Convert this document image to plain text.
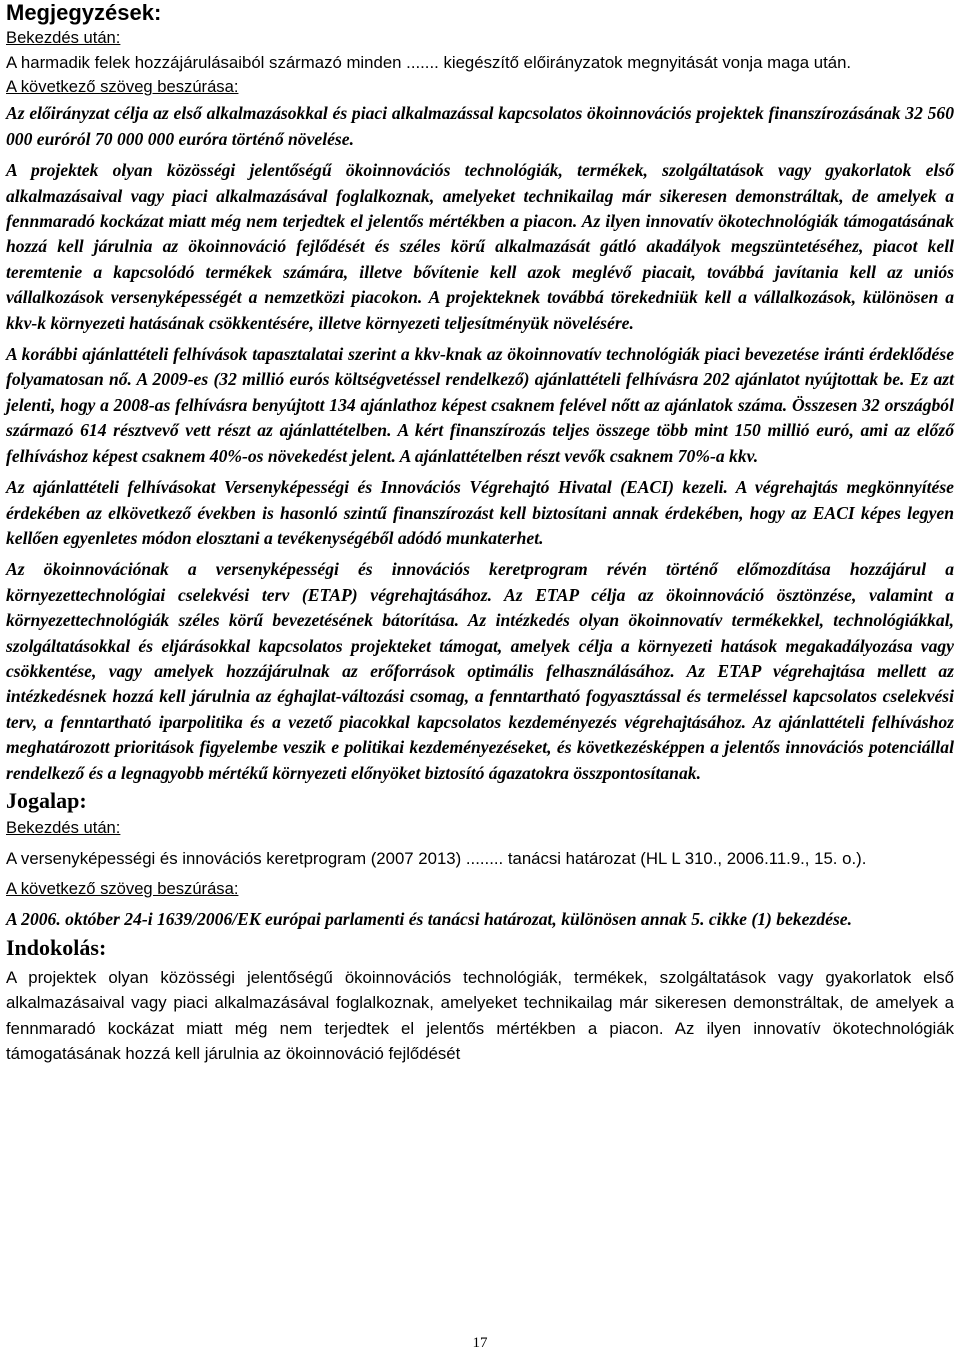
Megjegyzések:
Bekezdés után:

A harmadik felek hozzájárulásaiból származó minden ....... kiegészítő előirányzatok megnyitását vonja maga után.

A következő szöveg beszúrása:

Az előirányzat célja az első alkalmazásokkal és piaci alkalmazással kapcsolatos ökoinnovációs projektek finanszírozásának 32 560 000 euróról 70 000 000 euróra történő növelése.

A projektek olyan közösségi jelentőségű ökoinnovációs technológiák, termékek, szolgáltatások vagy gyakorlatok első alkalmazásaival vagy piaci alkalmazásával foglalkoznak, amelyeket technikailag már sikeresen demonstráltak, de amelyek a fennmaradó kockázat miatt még nem terjedtek el jelentős mértékben a piacon. Az ilyen innovatív ökotechnológiák támogatásának hozzá kell járulnia az ökoinnováció fejlődését és széles körű alkalmazását gátló akadályok megszüntetéséhez, piacot kell teremtenie a kapcsolódó termékek számára, illetve bővítenie kell azok meglévő piacait, továbbá javítania kell az uniós vállalkozások versenyképességét a nemzetközi piacokon. A projekteknek továbbá törekedniük kell a vállalkozások, különösen a kkv-k környezeti hatásának csökkentésére, illetve környezeti teljesítményük növelésére.

A korábbi ajánlattételi felhívások tapasztalatai szerint a kkv-knak az ökoinnovatív technológiák piaci bevezetése iránti érdeklődése folyamatosan nő. A 2009-es (32 millió eurós költségvetéssel rendelkező) ajánlattételi felhívásra 202 ajánlatot nyújtottak be. Ez azt jelenti, hogy a 2008-as felhívásra benyújtott 134 ajánlathoz képest csaknem felével nőtt az ajánlatok száma. Összesen 32 országból származó 614 résztvevő vett részt az ajánlattételben. A kért finanszírozás teljes összege több mint 150 millió euró, ami az előző felhíváshoz képest csaknem 40%-os növekedést jelent. A ajánlattételben részt vevők csaknem 70%-a kkv.

Az ajánlattételi felhívásokat Versenyképességi és Innovációs Végrehajtó Hivatal (EACI) kezeli. A végrehajtás megkönnyítése érdekében az elkövetkező években is hasonló szintű finanszírozást kell biztosítani annak érdekében, hogy az EACI képes legyen kellően egyenletes módon elosztani a tevékenységéből adódó munkaterhet.

Az ökoinnovációnak a versenyképességi és innovációs keretprogram révén történő előmozdítása hozzájárul a környezettechnológiai cselekvési terv (ETAP) végrehajtásához. Az ETAP célja az ökoinnováció ösztönzése, valamint a környezettechnológiák széles körű bevezetésének bátorítása. Az intézkedés olyan ökoinnovatív termékekkel, technológiákkal, szolgáltatásokkal és eljárásokkal kapcsolatos projekteket támogat, amelyek célja a környezeti hatások megakadályozása vagy csökkentése, vagy amelyek hozzájárulnak az erőforrások optimális felhasználásához. Az ETAP végrehajtása mellett az intézkedésnek hozzá kell járulnia az éghajlat-változási csomag, a fenntartható fogyasztással és termeléssel kapcsolatos cselekvési terv, a fenntartható iparpolitika és a vezető piacokkal kapcsolatos kezdeményezés végrehajtásához. Az ajánlattételi felhíváshoz meghatározott prioritások figyelembe veszik e politikai kezdeményezéseket, és következésképpen a jelentős innovációs potenciállal rendelkező és a legnagyobb mértékű környezeti előnyöket biztosító ágazatokra összpontosítanak.

Jogalap:
Bekezdés után:

A versenyképességi és innovációs keretprogram (2007 2013) ........ tanácsi határozat (HL L 310., 2006.11.9., 15. o.).

A következő szöveg beszúrása:

A 2006. október 24-i 1639/2006/EK európai parlamenti és tanácsi határozat, különösen annak 5. cikke (1) bekezdése.

Indokolás:

A projektek olyan közösségi jelentőségű ökoinnovációs technológiák, termékek, szolgáltatások vagy gyakorlatok első alkalmazásaival vagy piaci alkalmazásával foglalkoznak, amelyeket technikailag már sikeresen demonstráltak, de amelyek a fennmaradó kockázat miatt még nem terjedtek el jelentős mértékben a piacon. Az ilyen innovatív ökotechnológiák támogatásának hozzá kell járulnia az ökoinnováció fejlődését

17
